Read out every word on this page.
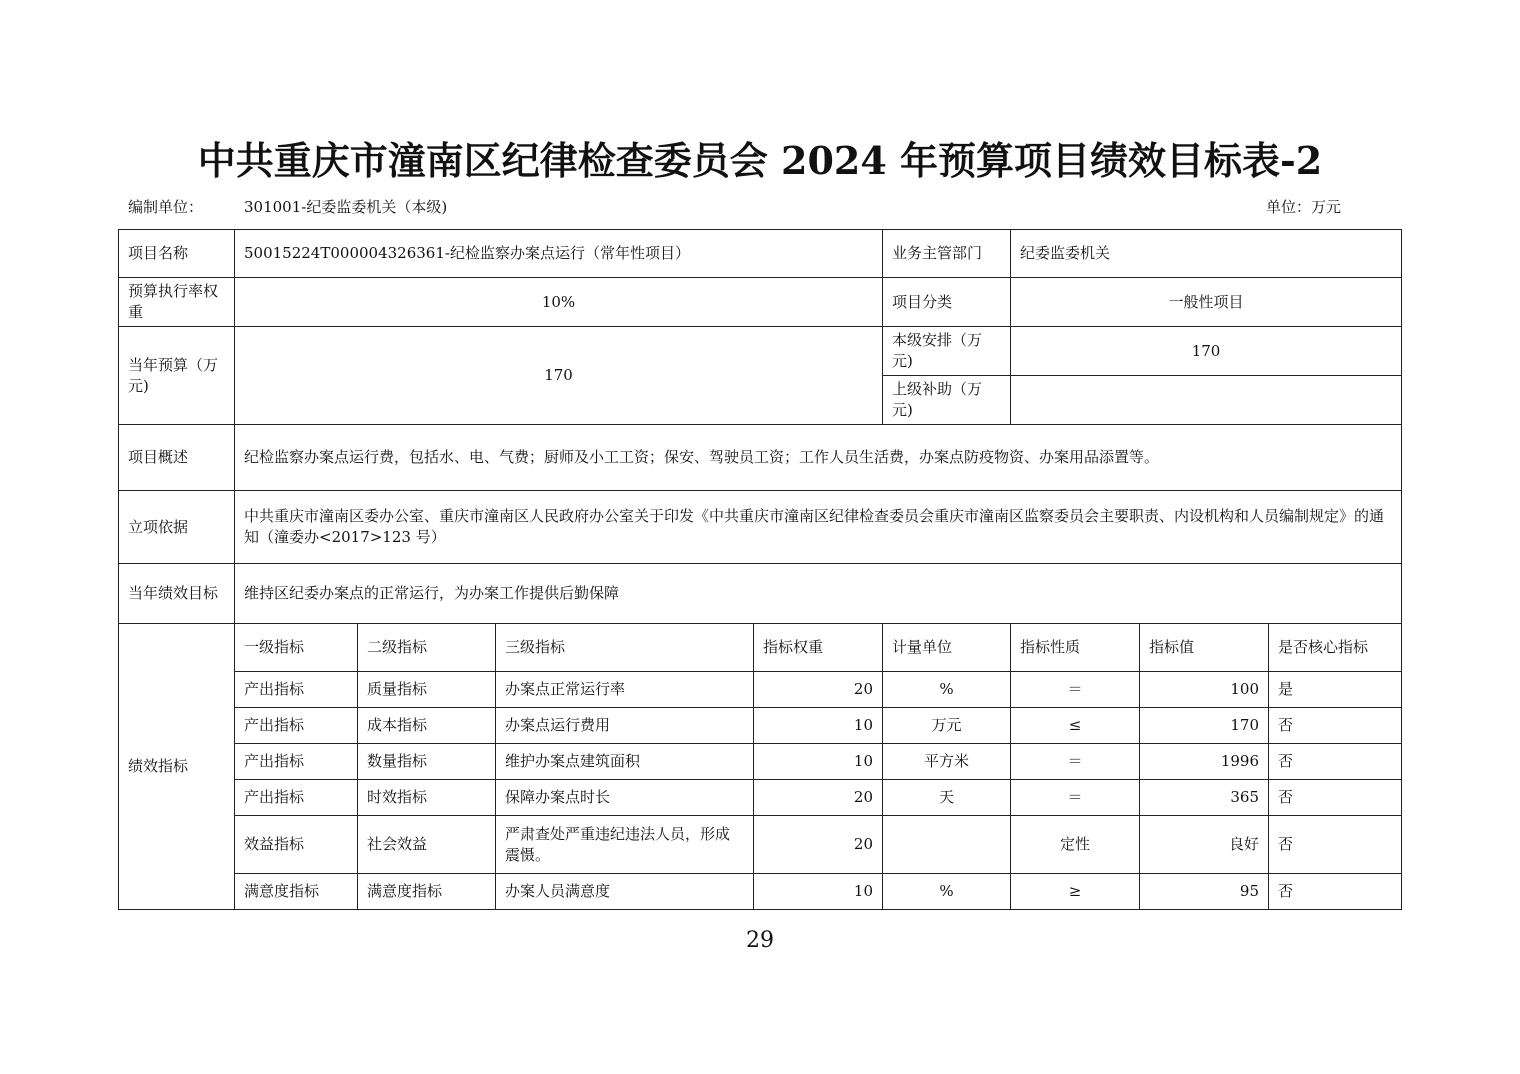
中共重庆市潼南区纪律检查委员会 2024 年预算项目绩效目标表-2
编制单位：	301001-纪委监委机关（本级)	单位：万元
项目名称	50015224T000004326361-纪检监察办案点运行（常年性项目）				业务主管部门	纪委监委机关		
预算执行率权重	10%				项目分类	一般性项目		
当年预算（万元)	170				本级安排（万元)	170		
					上级补助（万元)			
项目概述	纪检监察办案点运行费，包括水、电、气费；厨师及小工工资；保安、驾驶员工资；工作人员生活费，办案点防疫物资、办案用品添置等。							
立项依据	中共重庆市潼南区委办公室、重庆市潼南区人民政府办公室关于印发《中共重庆市潼南区纪律检查委员会重庆市潼南区监察委员会主要职责、内设机构和人员编制规定》的通知（潼委办<2017>123 号）							
当年绩效目标	维持区纪委办案点的正常运行，为办案工作提供后勤保障							
绩效指标	一级指标	二级指标	三级指标	指标权重	计量单位	指标性质	指标值	是否核心指标
	产出指标	质量指标	办案点正常运行率	20	%	＝	100	是
	产出指标	成本指标	办案点运行费用	10	万元	≤	170	否
	产出指标	数量指标	维护办案点建筑面积	10	平方米	＝	1996	否
	产出指标	时效指标	保障办案点时长	20	天	＝	365	否
	效益指标	社会效益	严肃查处严重违纪违法人员，形成震慑。	20		定性	良好	否
	满意度指标	满意度指标	办案人员满意度	10	%	≥	95	否
29
